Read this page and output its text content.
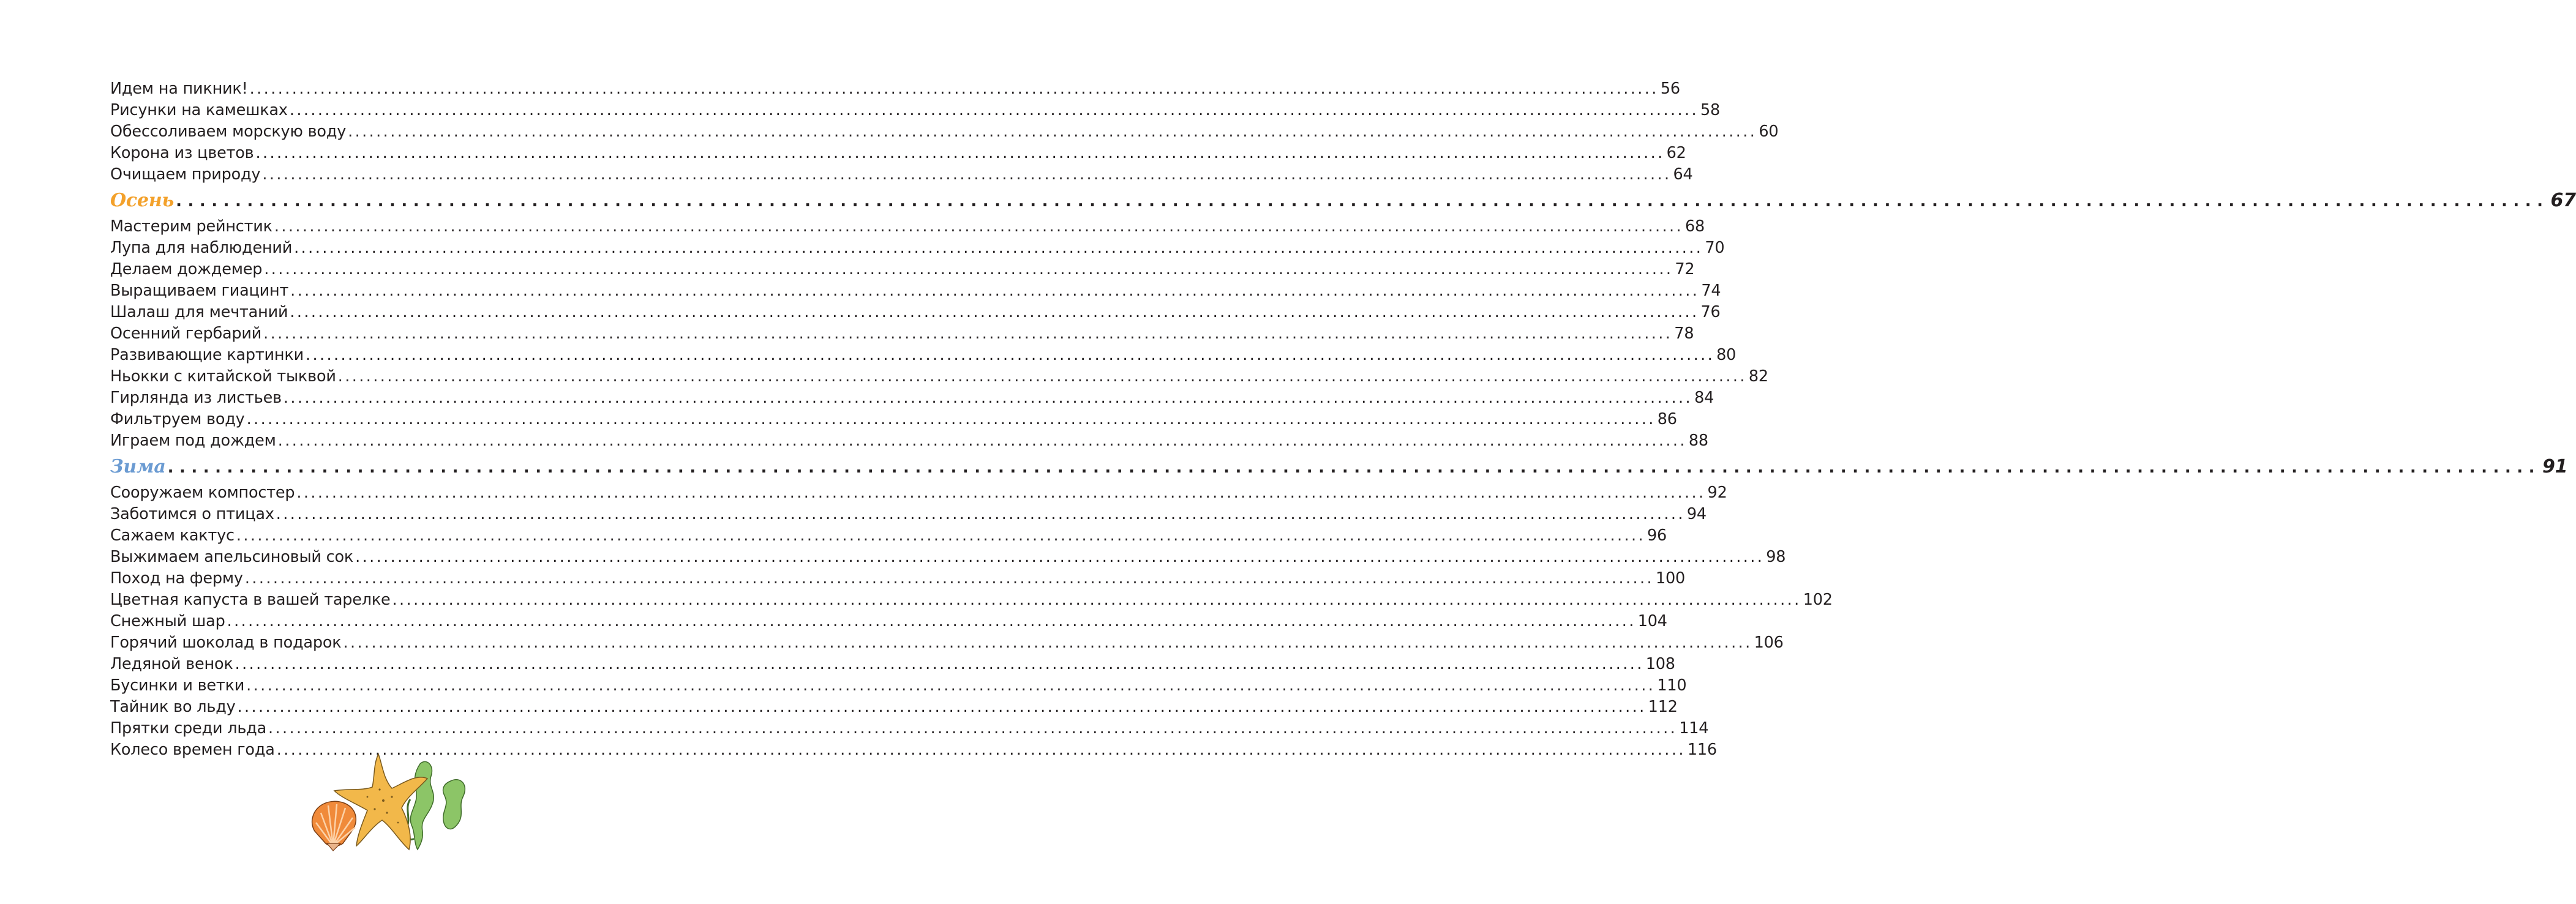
Идем на пикник! ........................................................................................................................................................................................................ 56
Рисунки на камешках ........................................................................................................................................................................................................ 58
Обессоливаем морскую воду ........................................................................................................................................................................................................ 60
Корона из цветов ........................................................................................................................................................................................................ 62
Очищаем природу ........................................................................................................................................................................................................ 64
Осень ........................................................................................................................................................................................................ 67
Мастерим рейнстик ........................................................................................................................................................................................................ 68
Лупа для наблюдений ........................................................................................................................................................................................................ 70
Делаем дождемер ........................................................................................................................................................................................................ 72
Выращиваем гиацинт ........................................................................................................................................................................................................ 74
Шалаш для мечтаний ........................................................................................................................................................................................................ 76
Осенний гербарий ........................................................................................................................................................................................................ 78
Развивающие картинки ........................................................................................................................................................................................................ 80
Ньокки с китайской тыквой ........................................................................................................................................................................................................ 82
Гирлянда из листьев ........................................................................................................................................................................................................ 84
Фильтруем воду ........................................................................................................................................................................................................ 86
Играем под дождем ........................................................................................................................................................................................................ 88
Зима ........................................................................................................................................................................................................ 91
Сооружаем компостер ........................................................................................................................................................................................................ 92
Заботимся о птицах ........................................................................................................................................................................................................ 94
Сажаем кактус ........................................................................................................................................................................................................ 96
Выжимаем апельсиновый сок ........................................................................................................................................................................................................ 98
Поход на ферму ........................................................................................................................................................................................................ 100
Цветная капуста в вашей тарелке ........................................................................................................................................................................................................ 102
Снежный шар ........................................................................................................................................................................................................ 104
Горячий шоколад в подарок ........................................................................................................................................................................................................ 106
Ледяной венок ........................................................................................................................................................................................................ 108
Бусинки и ветки ........................................................................................................................................................................................................ 110
Тайник во льду ........................................................................................................................................................................................................ 112
Прятки среди льда ........................................................................................................................................................................................................ 114
Колесо времен года ........................................................................................................................................................................................................ 116
